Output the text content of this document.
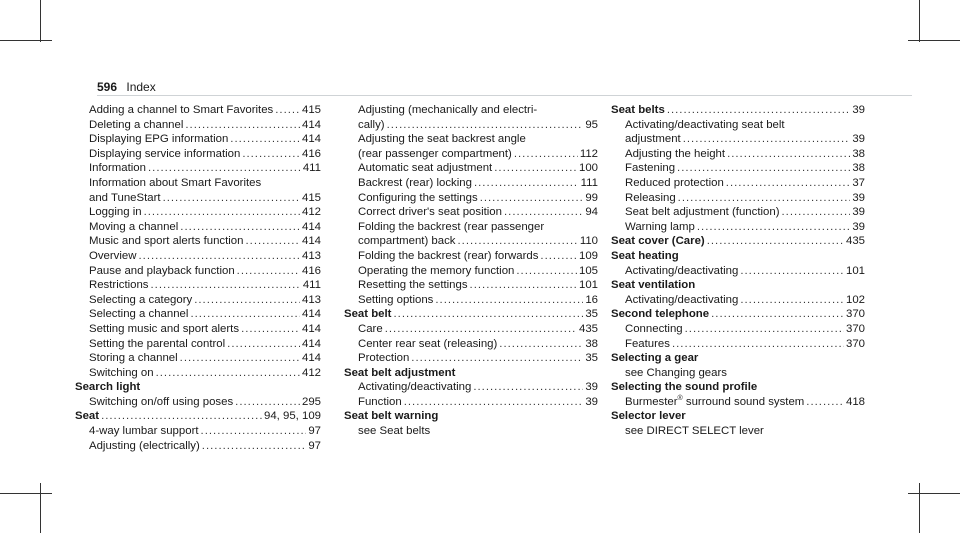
596 Index
Adding a channel to Smart Favorites .....	415
Deleting a channel .....	414
Displaying EPG information .....	414
Displaying service information .....	416
Information .....	411
Information about Smart Favorites
and TuneStart .....	415
Logging in .....	412
Moving a channel .....	414
Music and sport alerts function .....	414
Overview .....	413
Pause and playback function .....	416
Restrictions .....	411
Selecting a category .....	413
Selecting a channel .....	414
Setting music and sport alerts .....	414
Setting the parental control .....	414
Storing a channel .....	414
Switching on .....	412
Search light
Switching on/off using poses .....	295
Seat .....	94, 95, 109
4-way lumbar support .....	97
Adjusting (electrically) .....	97
Adjusting (mechanically and electri-
cally) .....	95
Adjusting the seat backrest angle
(rear passenger compartment) .....	112
Automatic seat adjustment .....	100
Backrest (rear) locking .....	111
Configuring the settings .....	99
Correct driver's seat position .....	94
Folding the backrest (rear passenger
compartment) back .....	110
Folding the backrest (rear) forwards .....	109
Operating the memory function .....	105
Resetting the settings .....	101
Setting options .....	16
Seat belt .....	35
Care .....	435
Center rear seat (releasing) .....	38
Protection .....	35
Seat belt adjustment
Activating/deactivating .....	39
Function .....	39
Seat belt warning
see Seat belts
Seat belts .....	39
Activating/deactivating seat belt
adjustment .....	39
Adjusting the height .....	38
Fastening .....	38
Reduced protection .....	37
Releasing .....	39
Seat belt adjustment (function) .....	39
Warning lamp .....	39
Seat cover (Care) .....	435
Seat heating
Activating/deactivating .....	101
Seat ventilation
Activating/deactivating .....	102
Second telephone .....	370
Connecting .....	370
Features .....	370
Selecting a gear
see Changing gears
Selecting the sound profile
Burmester® surround sound system .....	418
Selector lever
see DIRECT SELECT lever
